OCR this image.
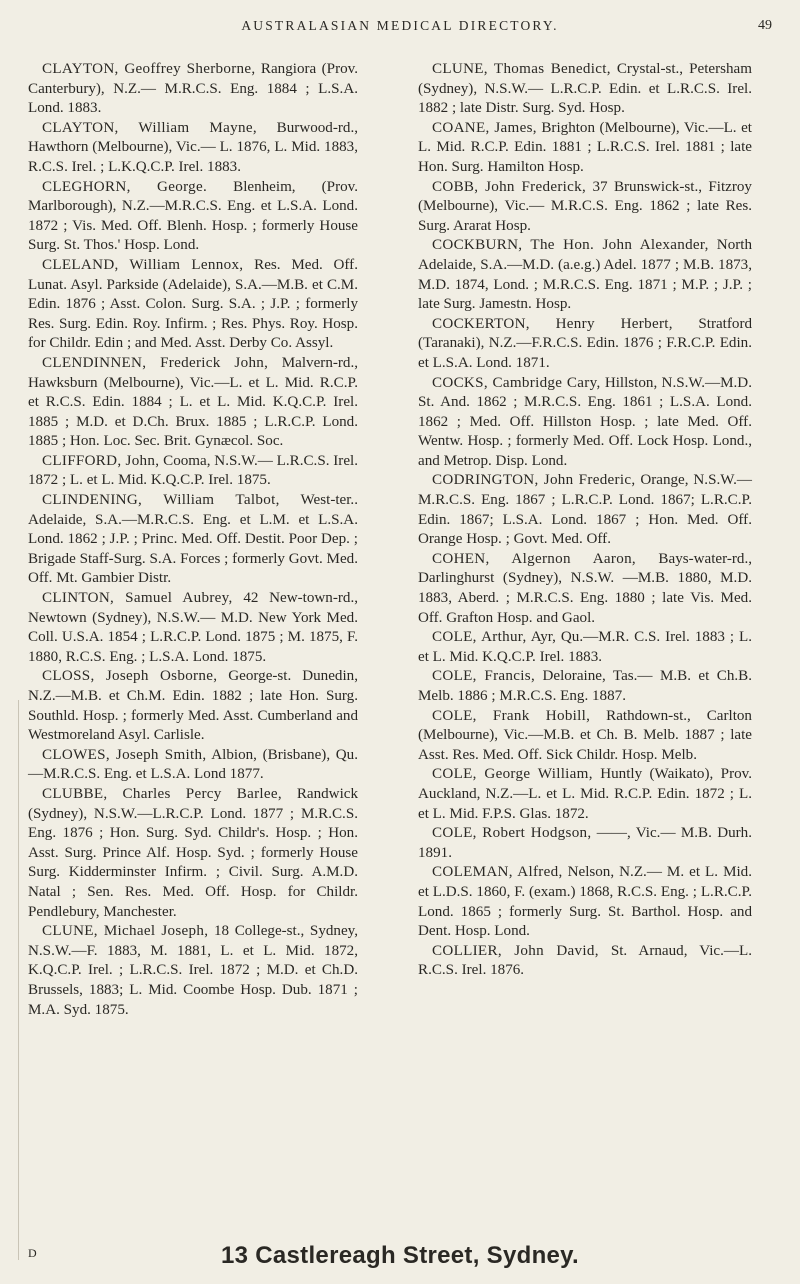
AUSTRALASIAN MEDICAL DIRECTORY.	49

CLAYTON, Geoffrey Sherborne, Rangiora (Prov. Canterbury), N.Z.— M.R.C.S. Eng. 1884 ; L.S.A. Lond. 1883.

CLAYTON, William Mayne, Burwood-rd., Hawthorn (Melbourne), Vic.— L. 1876, L. Mid. 1883, R.C.S. Irel. ; L.K.Q.C.P. Irel. 1883.

CLEGHORN, George. Blenheim, (Prov. Marlborough), N.Z.—M.R.C.S. Eng. et L.S.A. Lond. 1872 ; Vis. Med. Off. Blenh. Hosp. ; formerly House Surg. St. Thos.' Hosp. Lond.

CLELAND, William Lennox, Res. Med. Off. Lunat. Asyl. Parkside (Adelaide), S.A.—M.B. et C.M. Edin. 1876 ; Asst. Colon. Surg. S.A. ; J.P. ; formerly Res. Surg. Edin. Roy. Infirm. ; Res. Phys. Roy. Hosp. for Childr. Edin ; and Med. Asst. Derby Co. Assyl.

CLENDINNEN, Frederick John, Malvern-rd., Hawksburn (Melbourne), Vic.—L. et L. Mid. R.C.P. et R.C.S. Edin. 1884 ; L. et L. Mid. K.Q.C.P. Irel. 1885 ; M.D. et D.Ch. Brux. 1885 ; L.R.C.P. Lond. 1885 ; Hon. Loc. Sec. Brit. Gynæcol. Soc.

CLIFFORD, John, Cooma, N.S.W.— L.R.C.S. Irel. 1872 ; L. et L. Mid. K.Q.C.P. Irel. 1875.

CLINDENING, William Talbot, West-ter.. Adelaide, S.A.—M.R.C.S. Eng. et L.M. et L.S.A. Lond. 1862 ; J.P. ; Princ. Med. Off. Destit. Poor Dep. ; Brigade Staff-Surg. S.A. Forces ; formerly Govt. Med. Off. Mt. Gambier Distr.

CLINTON, Samuel Aubrey, 42 New-town-rd., Newtown (Sydney), N.S.W.— M.D. New York Med. Coll. U.S.A. 1854 ; L.R.C.P. Lond. 1875 ; M. 1875, F. 1880, R.C.S. Eng. ; L.S.A. Lond. 1875.

CLOSS, Joseph Osborne, George-st. Dunedin, N.Z.—M.B. et Ch.M. Edin. 1882 ; late Hon. Surg. Southld. Hosp. ; formerly Med. Asst. Cumberland and Westmoreland Asyl. Carlisle.

CLOWES, Joseph Smith, Albion, (Brisbane), Qu.—M.R.C.S. Eng. et L.S.A. Lond 1877.

CLUBBE, Charles Percy Barlee, Randwick (Sydney), N.S.W.—L.R.C.P. Lond. 1877 ; M.R.C.S. Eng. 1876 ; Hon. Surg. Syd. Childr's. Hosp. ; Hon. Asst. Surg. Prince Alf. Hosp. Syd. ; formerly House Surg. Kidderminster Infirm. ; Civil. Surg. A.M.D. Natal ; Sen. Res. Med. Off. Hosp. for Childr. Pendlebury, Manchester.

CLUNE, Michael Joseph, 18 College-st., Sydney, N.S.W.—F. 1883, M. 1881, L. et L. Mid. 1872, K.Q.C.P. Irel. ; L.R.C.S. Irel. 1872 ; M.D. et Ch.D. Brussels, 1883; L. Mid. Coombe Hosp. Dub. 1871 ; M.A. Syd. 1875.

CLUNE, Thomas Benedict, Crystal-st., Petersham (Sydney), N.S.W.— L.R.C.P. Edin. et L.R.C.S. Irel. 1882 ; late Distr. Surg. Syd. Hosp.

COANE, James, Brighton (Melbourne), Vic.—L. et L. Mid. R.C.P. Edin. 1881 ; L.R.C.S. Irel. 1881 ; late Hon. Surg. Hamilton Hosp.

COBB, John Frederick, 37 Brunswick-st., Fitzroy (Melbourne), Vic.— M.R.C.S. Eng. 1862 ; late Res. Surg. Ararat Hosp.

COCKBURN, The Hon. John Alexander, North Adelaide, S.A.—M.D. (a.e.g.) Adel. 1877 ; M.B. 1873, M.D. 1874, Lond. ; M.R.C.S. Eng. 1871 ; M.P. ; J.P. ; late Surg. Jamestn. Hosp.

COCKERTON, Henry Herbert, Stratford (Taranaki), N.Z.—F.R.C.S. Edin. 1876 ; F.R.C.P. Edin. et L.S.A. Lond. 1871.

COCKS, Cambridge Cary, Hillston, N.S.W.—M.D. St. And. 1862 ; M.R.C.S. Eng. 1861 ; L.S.A. Lond. 1862 ; Med. Off. Hillston Hosp. ; late Med. Off. Wentw. Hosp. ; formerly Med. Off. Lock Hosp. Lond., and Metrop. Disp. Lond.

CODRINGTON, John Frederic, Orange, N.S.W.—M.R.C.S. Eng. 1867 ; L.R.C.P. Lond. 1867; L.R.C.P. Edin. 1867; L.S.A. Lond. 1867 ; Hon. Med. Off. Orange Hosp. ; Govt. Med. Off.

COHEN, Algernon Aaron, Bays-water-rd., Darlinghurst (Sydney), N.S.W. —M.B. 1880, M.D. 1883, Aberd. ; M.R.C.S. Eng. 1880 ; late Vis. Med. Off. Grafton Hosp. and Gaol.

COLE, Arthur, Ayr, Qu.—M.R. C.S. Irel. 1883 ; L. et L. Mid. K.Q.C.P. Irel. 1883.

COLE, Francis, Deloraine, Tas.— M.B. et Ch.B. Melb. 1886 ; M.R.C.S. Eng. 1887.

COLE, Frank Hobill, Rathdown-st., Carlton (Melbourne), Vic.—M.B. et Ch. B. Melb. 1887 ; late Asst. Res. Med. Off. Sick Childr. Hosp. Melb.

COLE, George William, Huntly (Waikato), Prov. Auckland, N.Z.—L. et L. Mid. R.C.P. Edin. 1872 ; L. et L. Mid. F.P.S. Glas. 1872.

COLE, Robert Hodgson, ——, Vic.— M.B. Durh. 1891.

COLEMAN, Alfred, Nelson, N.Z.— M. et L. Mid. et L.D.S. 1860, F. (exam.) 1868, R.C.S. Eng. ; L.R.C.P. Lond. 1865 ; formerly Surg. St. Barthol. Hosp. and Dent. Hosp. Lond.

COLLIER, John David, St. Arnaud, Vic.—L. R.C.S. Irel. 1876.

D	13 Castlereagh Street, Sydney.
